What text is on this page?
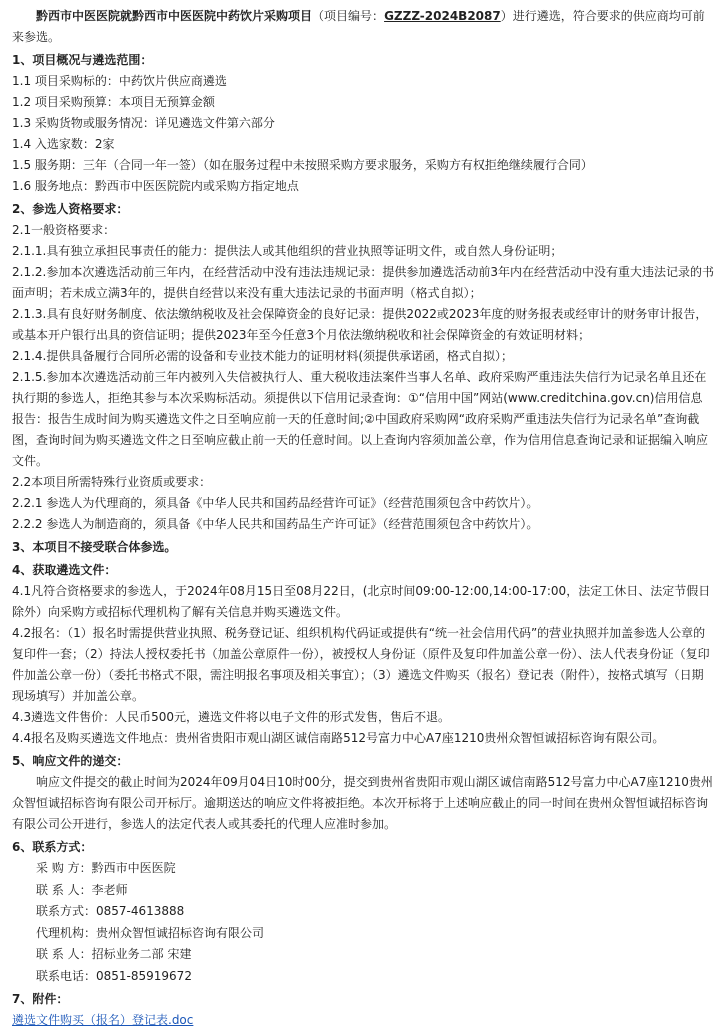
黔西市中医医院就黔西市中医医院中药饮片采购项目（项目编号：GZZZ-2024B2087）进行遴选，符合要求的供应商均可前来参选。

1、项目概况与遴选范围：

1.1 项目采购标的：中药饮片供应商遴选

1.2 项目采购预算：本项目无预算金额

1.3 采购货物或服务情况：详见遴选文件第六部分

1.4 入选家数：2家

1.5 服务期：三年（合同一年一签）（如在服务过程中未按照采购方要求服务，采购方有权拒绝继续履行合同）

1.6 服务地点：黔西市中医医院院内或采购方指定地点

2、参选人资格要求：

2.1一般资格要求：

2.1.1.具有独立承担民事责任的能力：提供法人或其他组织的营业执照等证明文件，或自然人身份证明；

2.1.2.参加本次遴选活动前三年内，在经营活动中没有违法违规记录：提供参加遴选活动前3年内在经营活动中没有重大违法记录的书面声明；若未成立满3年的，提供自经营以来没有重大违法记录的书面声明（格式自拟）；

2.1.3.具有良好财务制度、依法缴纳税收及社会保障资金的良好记录：提供2022或2023年度的财务报表或经审计的财务审计报告，或基本开户银行出具的资信证明；提供2023年至今任意3个月依法缴纳税收和社会保障资金的有效证明材料；

2.1.4.提供具备履行合同所必需的设备和专业技术能力的证明材料(须提供承诺函，格式自拟）；

2.1.5.参加本次遴选活动前三年内被列入失信被执行人、重大税收违法案件当事人名单、政府采购严重违法失信行为记录名单且还在执行期的参选人，拒绝其参与本次采购标活动。须提供以下信用记录查询：①“信用中国”网站(www.creditchina.gov.cn)信用信息报告：报告生成时间为购买遴选文件之日至响应前一天的任意时间;②中国政府采购网“政府采购严重违法失信行为记录名单”查询截图，查询时间为购买遴选文件之日至响应截止前一天的任意时间。以上查询内容须加盖公章，作为信用信息查询记录和证据编入响应文件。

2.2本项目所需特殊行业资质或要求：

2.2.1 参选人为代理商的，须具备《中华人民共和国药品经营许可证》（经营范围须包含中药饮片）。

2.2.2 参选人为制造商的，须具备《中华人民共和国药品生产许可证》（经营范围须包含中药饮片）。

3、本项目不接受联合体参选。

4、获取遴选文件：

4.1凡符合资格要求的参选人，于2024年08月15日至08月22日，(北京时间09:00-12:00,14:00-17:00，法定工休日、法定节假日除外）向采购方或招标代理机构了解有关信息并购买遴选文件。

4.2报名：（1）报名时需提供营业执照、税务登记证、组织机构代码证或提供有“统一社会信用代码”的营业执照并加盖参选人公章的复印件一套；（2）持法人授权委托书（加盖公章原件一份），被授权人身份证（原件及复印件加盖公章一份）、法人代表身份证（复印件加盖公章一份）（委托书格式不限，需注明报名事项及相关事宜）；（3）遴选文件购买（报名）登记表（附件），按格式填写（日期现场填写）并加盖公章。

4.3遴选文件售价：人民币500元，遴选文件将以电子文件的形式发售，售后不退。

4.4报名及购买遴选文件地点：贵州省贵阳市观山湖区诚信南路512号富力中心A7座1210贵州众智恒诚招标咨询有限公司。

5、响应文件的递交：

响应文件提交的截止时间为2024年09月04日10时00分，提交到贵州省贵阳市观山湖区诚信南路512号富力中心A7座1210贵州众智恒诚招标咨询有限公司开标厅。逾期送达的响应文件将被拒绝。本次开标将于上述响应截止的同一时间在贵州众智恒诚招标咨询有限公司公开进行，参选人的法定代表人或其委托的代理人应准时参加。

6、联系方式：

采 购 方：黔西市中医医院

联 系 人：李老师

联系方式：0857-4613888

代理机构：贵州众智恒诚招标咨询有限公司

联 系 人：招标业务二部 宋建

联系电话：0851-85919672

7、附件：

遴选文件购买（报名）登记表.doc
